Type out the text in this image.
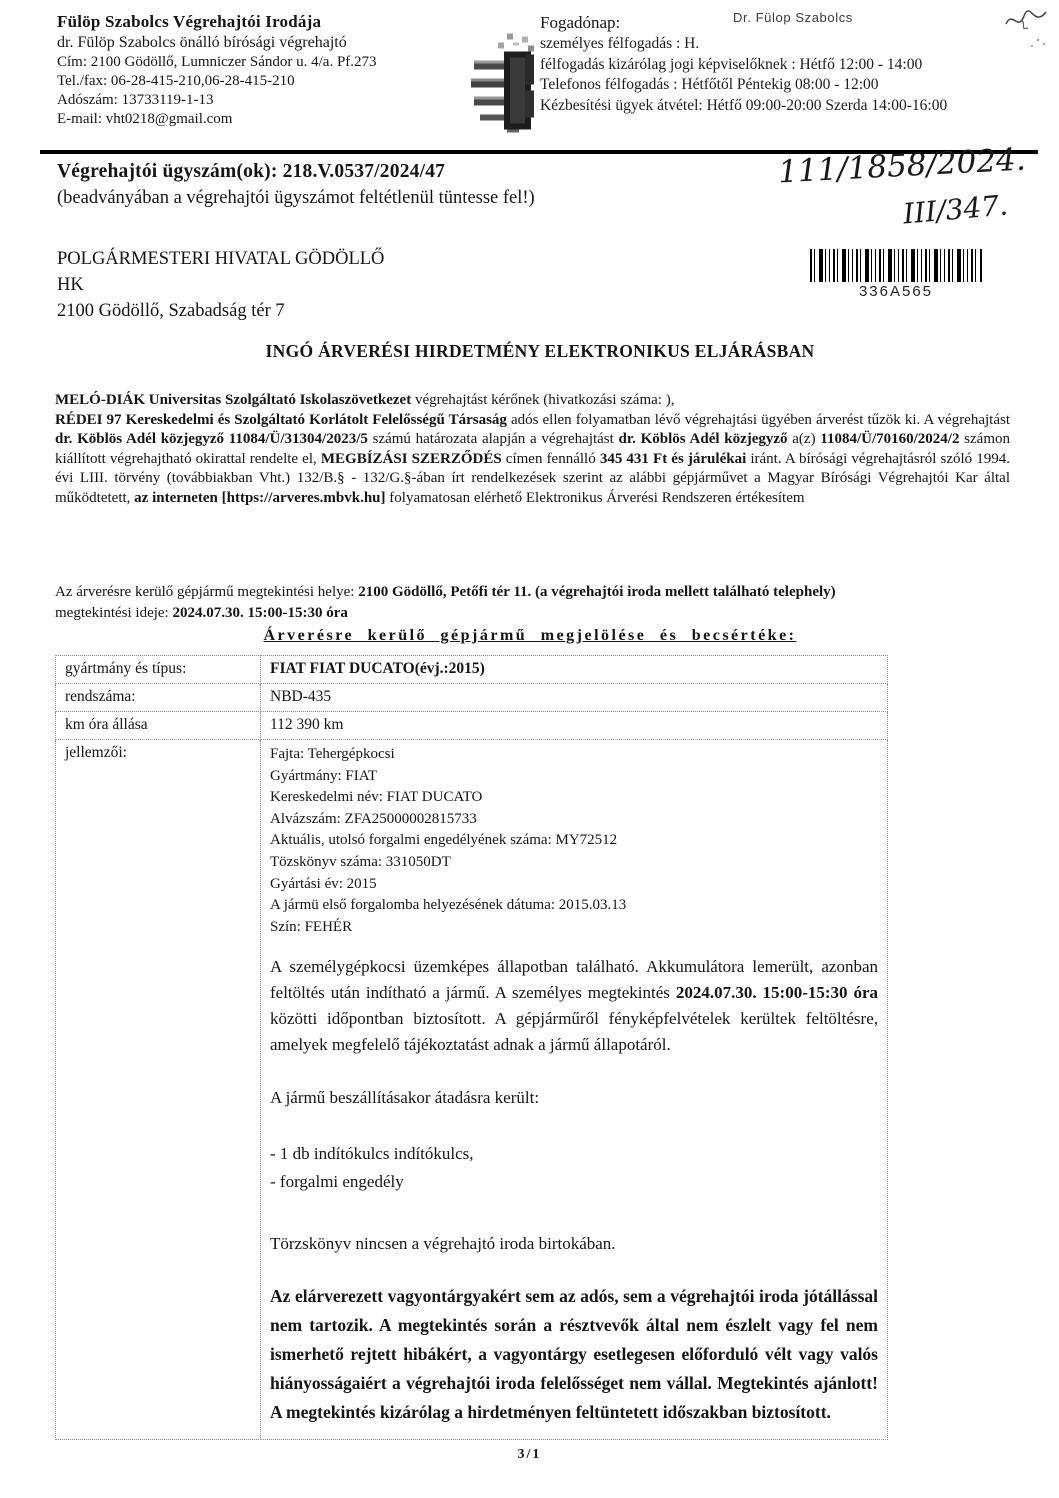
Fülöp Szabolcs Végrehajtói Irodája
dr. Fülöp Szabolcs önálló bírósági végrehajtó
Cím: 2100 Gödöllő, Lumniczer Sándor u. 4/a. Pf.273
Tel./fax: 06-28-415-210,06-28-415-210
Adószám: 13733119-1-13
E-mail: vht0218@gmail.com
Fogadónap:
személyes félfogadás : H.
félfogadás kizárólag jogi képviselőknek : Hétfő 12:00 - 14:00
Telefonos félfogadás : Hétfőtől Péntekig 08:00 - 12:00
Kézbesítési ügyek átvétel: Hétfő 09:00-20:00 Szerda 14:00-16:00
Dr. Fülop Szabolcs
Végrehajtói ügyszám(ok): 218.V.0537/2024/47
(beadványában a végrehajtói ügyszámot feltétlenül tüntesse fel!)
111/1858/2024.
III/347.
POLGÁRMESTERI HIVATAL GÖDÖLLŐ
HK
2100 Gödöllő, Szabadság tér 7
336A565
INGÓ ÁRVERÉSI HIRDETMÉNY ELEKTRONIKUS ELJÁRÁSBAN
MELÓ-DIÁK Universitas Szolgáltató Iskolaszövetkezet végrehajtást kérőnek (hivatkozási száma: ),
RÉDEI 97 Kereskedelmi és Szolgáltató Korlátolt Felelősségű Társaság adós ellen folyamatban lévő végrehajtási ügyében árverést tűzök ki. A végrehajtást dr. Köblös Adél közjegyző 11084/Ü/31304/2023/5 számú határozata alapján a végrehajtást dr. Köblös Adél közjegyző a(z) 11084/Ü/70160/2024/2 számon kiállított végrehajtható okirattal rendelte el, MEGBÍZÁSI SZERZŐDÉS címen fennálló 345 431 Ft és járulékai iránt. A bírósági végrehajtásról szóló 1994. évi LIII. törvény (továbbiakban Vht.) 132/B.§ - 132/G.§-ában írt rendelkezések szerint az alábbi gépjárművet a Magyar Bírósági Végrehajtói Kar által működtetett, az interneten [https://arveres.mbvk.hu] folyamatosan elérhető Elektronikus Árverési Rendszeren értékesítem
Az árverésre kerülő gépjármű megtekintési helye: 2100 Gödöllő, Petőfi tér 11. (a végrehajtói iroda mellett található telephely)
megtekintési ideje: 2024.07.30. 15:00-15:30 óra
Árverésre kerülő gépjármű megjelölése és becsértéke:
gyártmány és típus:	FIAT FIAT DUCATO(évj.:2015)
rendszáma:	NBD-435
km óra állása	112 390 km
jellemzői:	Fajta: Tehergépkocsi
Gyártmány: FIAT
Kereskedelmi név: FIAT DUCATO
Alvázszám: ZFA25000002815733
Aktuális, utolsó forgalmi engedélyének száma: MY72512
Tözskönyv száma: 331050DT
Gyártási év: 2015
A jármü első forgalomba helyezésének dátuma: 2015.03.13
Szín: FEHÉR
A személygépkocsi üzemképes állapotban található. Akkumulátora lemerült, azonban feltöltés után indítható a jármű. A személyes megtekintés 2024.07.30. 15:00-15:30 óra közötti időpontban biztosított. A gépjárműről fényképfelvételek kerültek feltöltésre, amelyek megfelelő tájékoztatást adnak a jármű állapotáról.
A jármű beszállításakor átadásra került:
- 1 db indítókulcs indítókulcs,
- forgalmi engedély
Törzskönyv nincsen a végrehajtó iroda birtokában.
Az elárverezett vagyontárgyakért sem az adós, sem a végrehajtói iroda jótállással nem tartozik. A megtekintés során a résztvevők által nem észlelt vagy fel nem ismerhető rejtett hibákért, a vagyontárgy esetlegesen előforduló vélt vagy valós hiányosságaiért a végrehajtói iroda felelősséget nem vállal. Megtekintés ajánlott! A megtekintés kizárólag a hirdetményen feltüntetett időszakban biztosított.
3/1
